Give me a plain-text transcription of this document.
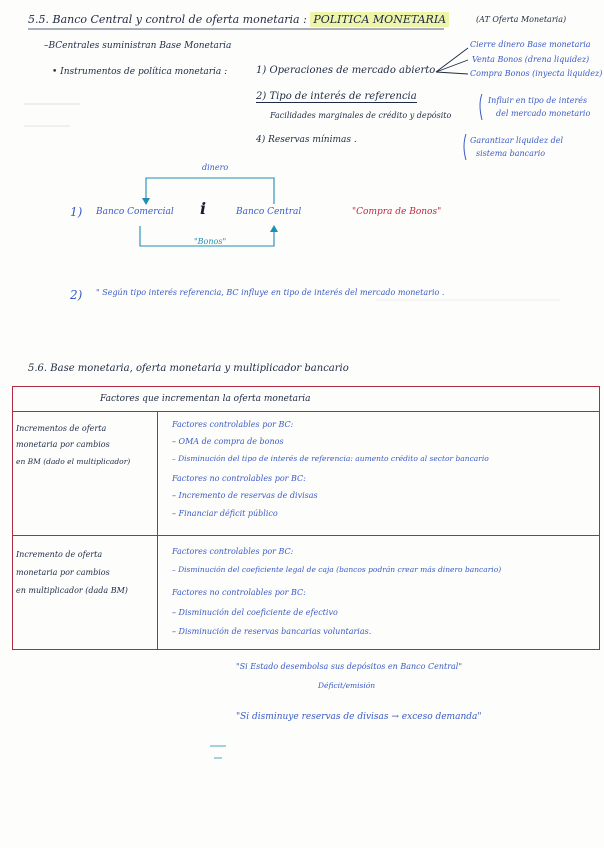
5.5. Banco Central y control de oferta monetaria : POLITICA MONETARIA	(AT Oferta Monetaria)
–BCentrales suministran Base Monetaria
• Instrumentos de política monetaria :	1) Operaciones de mercado abierto
Cierre dinero Base monetaria
Venta Bonos (drena liquidez)
Compra Bonos (inyecta liquidez)
2) Tipo de interés de referencia
Facilidades marginales de crédito y depósito
Influir en tipo de interés
del mercado monetario
4) Reservas mínimas .	Garantizar liquidez del
sistema bancario
dinero
1) Banco Comercial i	Banco Central	"Compra de Bonos"
"Bonos"
2) " Según tipo interés referencia, BC influye en tipo de interés del mercado monetario .
5.6. Base monetaria, oferta monetaria y multiplicador bancario
Factores que incrementan la oferta monetaria
Incrementos de oferta
monetaria por cambios
en BM (dado el multiplicador)
Factores controlables por BC:
– OMA de compra de bonos
– Disminución del tipo de interés de referencia: aumento crédito al sector bancario
Factores no controlables por BC:
– Incremento de reservas de divisas
– Financiar déficit público
Incremento de oferta
monetaria por cambios
en multiplicador (dada BM)
Factores controlables por BC:
– Disminución del coeficiente legal de caja (bancos podrán crear más dinero bancario)
Factores no controlables por BC:
– Disminución del coeficiente de efectivo
– Disminución de reservas bancarias voluntarias.
"Si Estado desembolsa sus depósitos en Banco Central"
Déficit/emisión
"Si disminuye reservas de divisas → exceso demanda"
